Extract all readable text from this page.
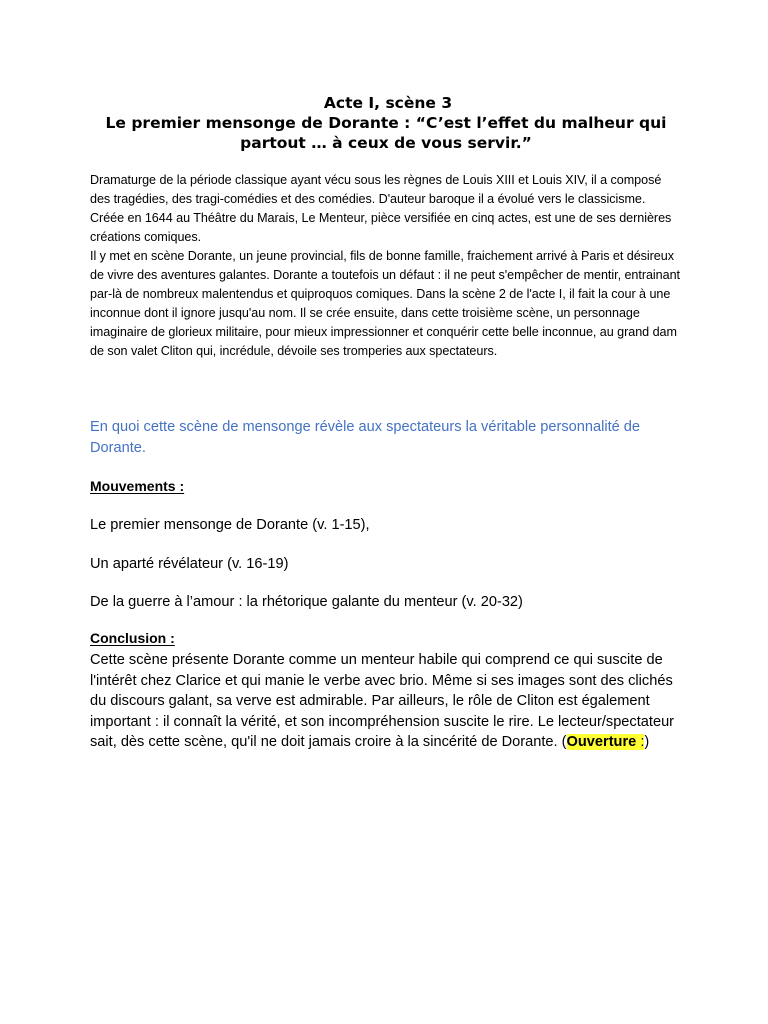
Acte I, scène 3
Le premier mensonge de Dorante : “C’est l’effet du malheur qui partout … à ceux de vous servir.”

Dramaturge de la période classique ayant vécu sous les règnes de Louis XIII et Louis XIV, il a composé des tragédies, des tragi-comédies et des comédies. D'auteur baroque il a évolué vers le classicisme. Créée en 1644 au Théâtre du Marais, Le Menteur, pièce versifiée en cinq actes, est une de ses dernières créations comiques.

Il y met en scène Dorante, un jeune provincial, fils de bonne famille, fraichement arrivé à Paris et désireux de vivre des aventures galantes. Dorante a toutefois un défaut : il ne peut s'empêcher de mentir, entrainant par-là de nombreux malentendus et quiproquos comiques. Dans la scène 2 de l'acte I, il fait la cour à une inconnue dont il ignore jusqu'au nom. Il se crée ensuite, dans cette troisième scène, un personnage imaginaire de glorieux militaire, pour mieux impressionner et conquérir cette belle inconnue, au grand dam de son valet Cliton qui, incrédule, dévoile ses tromperies aux spectateurs.

En quoi cette scène de mensonge révèle aux spectateurs la véritable personnalité de Dorante.
Mouvements :
Le premier mensonge de Dorante (v. 1-15),
Un aparté révélateur (v. 16-19)
De la guerre à l’amour : la rhétorique galante du menteur (v. 20-32)
Conclusion :
Cette scène présente Dorante comme un menteur habile qui comprend ce qui suscite de l'intérêt chez Clarice et qui manie le verbe avec brio. Même si ses images sont des clichés du discours galant, sa verve est admirable. Par ailleurs, le rôle de Cliton est également important : il connaît la vérité, et son incompréhension suscite le rire. Le lecteur/spectateur sait, dès cette scène, qu'il ne doit jamais croire à la sincérité de Dorante. (Ouverture :)
